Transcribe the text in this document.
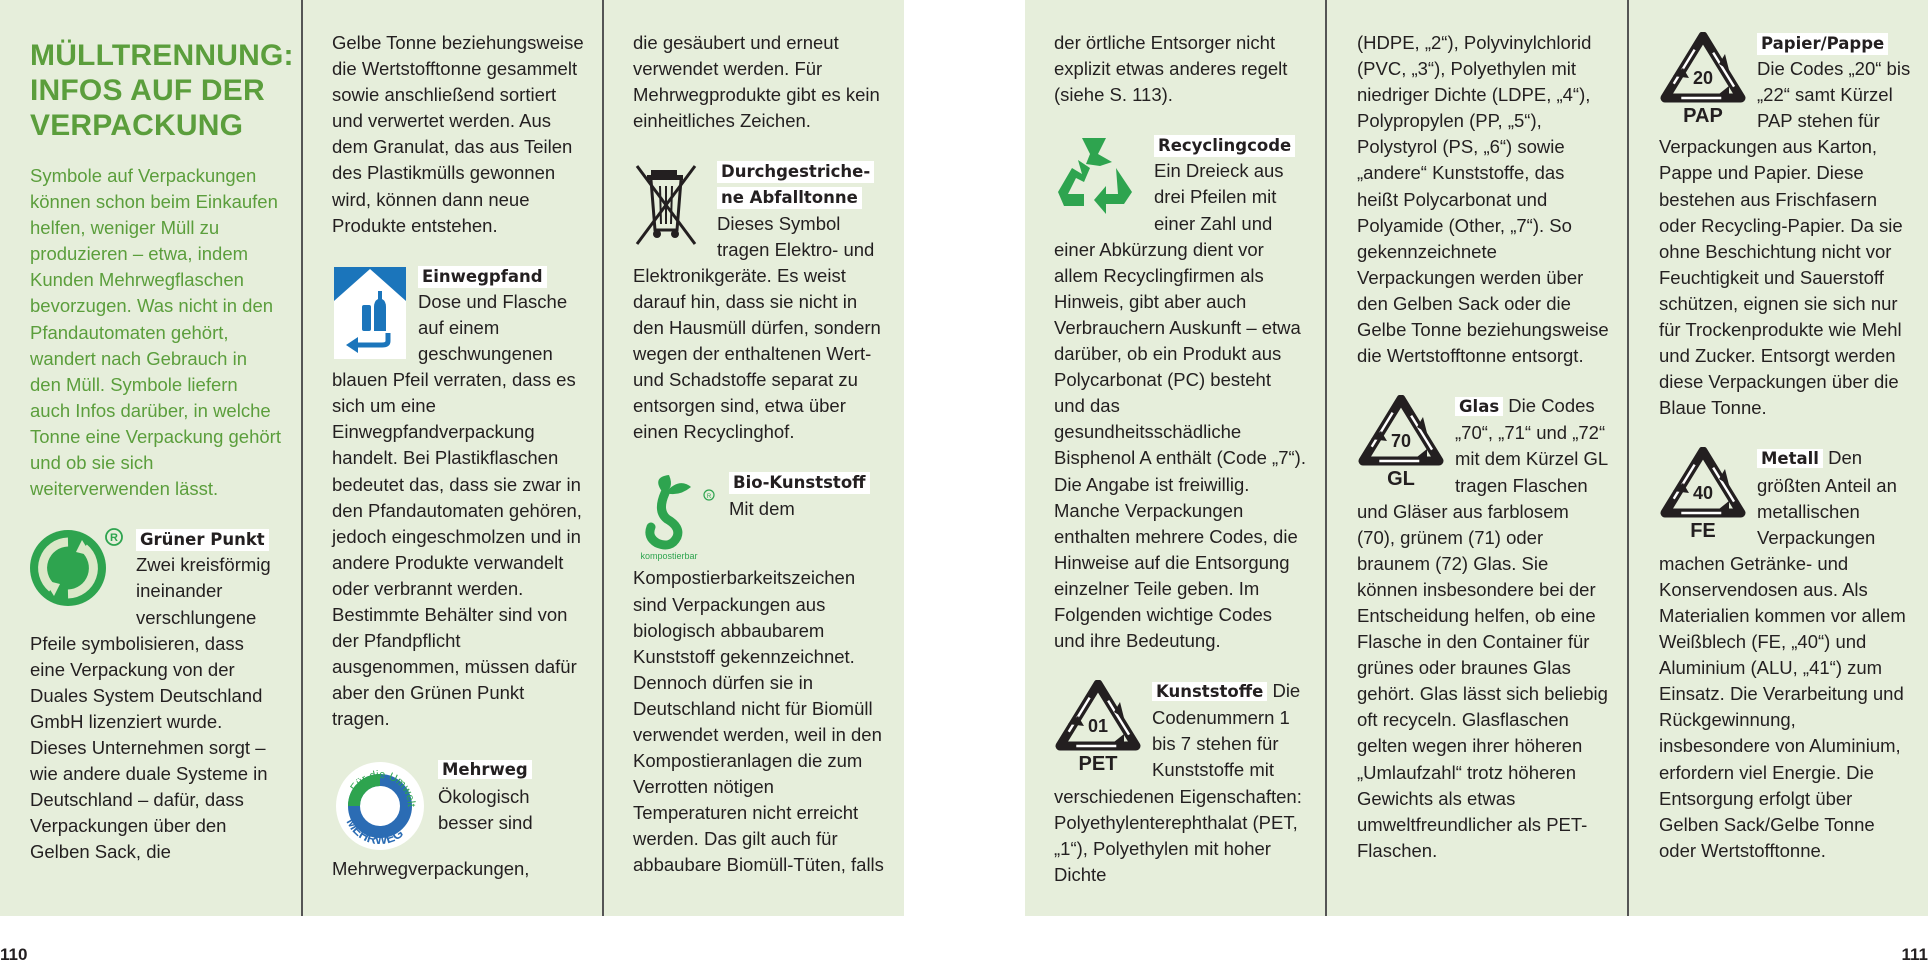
MÜLLTRENNUNG: INFOS AUF DER VERPACKUNG

Symbole auf Verpackungen können schon beim Einkaufen helfen, weniger Müll zu produzieren – etwa, indem Kunden Mehrwegflaschen bevorzugen. Was nicht in den Pfandautomaten gehört, wandert nach Gebrauch in den Müll. Symbole liefern auch Infos darüber, in welche Tonne eine Verpackung gehört und ob sie sich weiterverwenden lässt.

R Grüner Punkt Zwei kreisförmig ineinander verschlungene Pfeile symbolisieren, dass eine Verpackung von der Duales System Deutschland GmbH lizenziert wurde. Dieses Unternehmen sorgt – wie andere duale Systeme in Deutschland – dafür, dass Verpackungen über den Gelben Sack, die

Gelbe Tonne beziehungsweise die Wertstofftonne gesammelt sowie anschließend sortiert und verwertet werden. Aus dem Granulat, das aus Teilen des Plastikmülls gewonnen wird, können dann neue Produkte entstehen.

Einwegpfand Dose und Flasche auf einem geschwungenen blauen Pfeil verraten, dass es sich um eine Einwegpfandverpackung handelt. Bei Plastikflaschen bedeutet das, dass sie zwar in den Pfandautomaten gehören, jedoch eingeschmolzen und in andere Produkte verwandelt oder verbrannt werden. Bestimmte Behälter sind von der Pfandpflicht ausgenommen, müssen dafür aber den Grünen Punkt tragen.
Für die Umwelt
MEHRWEG
Mehrweg Ökologisch besser sind Mehrwegverpackungen,

die gesäubert und erneut verwendet werden. Für Mehrwegprodukte gibt es kein einheitliches Zeichen.

Durchgestriche- ne Abfalltonne Dieses Symbol tragen Elektro- und Elektronikgeräte. Es weist darauf hin, dass sie nicht in den Hausmüll dürfen, sondern wegen der enthaltenen Wert- und Schadstoffe separat zu entsorgen sind, etwa über einen Recyclinghof.
R
kompostierbar
Bio-Kunststoff Mit dem Kompostierbarkeitszeichen sind Verpackungen aus biologisch abbaubarem Kunststoff gekennzeichnet. Dennoch dürfen sie in Deutschland nicht für Biomüll verwendet werden, weil in den Kompostieranlagen die zum Verrotten nötigen Temperaturen nicht erreicht werden. Das gilt auch für abbaubare Biomüll-Tüten, falls

der örtliche Entsorger nicht explizit etwas anderes regelt (siehe S. 113).

Recyclingcode Ein Dreieck aus drei Pfeilen mit einer Zahl und einer Abkürzung dient vor allem Recyclingfirmen als Hinweis, gibt aber auch Verbrauchern Auskunft – etwa darüber, ob ein Produkt aus Polycarbonat (PC) besteht und das gesundheitsschädliche Bisphenol A enthält (Code „7“). Die Angabe ist freiwillig. Manche Verpackungen enthalten mehrere Codes, die Hinweise auf die Entsorgung einzelner Teile geben. Im Folgenden wichtige Codes und ihre Bedeutung.
01
PET
Kunststoffe Die Codenummern 1 bis 7 stehen für Kunststoffe mit verschiedenen Eigenschaften: Polyethylenterephthalat (PET, „1“), Polyethylen mit hoher Dichte

(HDPE, „2“), Polyvinylchlorid (PVC, „3“), Polyethylen mit niedriger Dichte (LDPE, „4“), Polypropylen (PP, „5“), Polystyrol (PS, „6“) sowie „andere“ Kunststoffe, das heißt Polycarbonat und Polyamide (Other, „7“). So gekennzeichnete Verpackungen werden über den Gelben Sack oder die Gelbe Tonne beziehungsweise die Wertstofftonne entsorgt.

70
GL
Glas Die Codes „70“, „71“ und „72“ mit dem Kürzel GL tragen Flaschen und Gläser aus farblosem (70), grünem (71) oder braunem (72) Glas. Sie können insbesondere bei der Entscheidung helfen, ob eine Flasche in den Container für grünes oder braunes Glas gehört. Glas lässt sich beliebig oft recyceln. Glasflaschen gelten wegen ihrer höheren „Umlaufzahl“ trotz höheren Gewichts als etwas umweltfreundlicher als PET-Flaschen.
20
PAP
Papier/Pappe Die Codes „20“ bis „22“ samt Kürzel PAP stehen für Verpackungen aus Karton, Pappe und Papier. Diese bestehen aus Frischfasern oder Recycling-Papier. Da sie ohne Beschichtung nicht vor Feuchtigkeit und Sauerstoff schützen, eignen sie sich nur für Trockenprodukte wie Mehl und Zucker. Entsorgt werden diese Verpackungen über die Blaue Tonne.
40
FE
Metall Den größten Anteil an metallischen Verpackungen machen Getränke- und Konservendosen aus. Als Materialien kommen vor allem Weißblech (FE, „40“) und Aluminium (ALU, „41“) zum Einsatz. Die Verarbeitung und Rückgewinnung, insbesondere von Aluminium, erfordern viel Energie. Die Entsorgung erfolgt über Gelben Sack/Gelbe Tonne oder Wertstofftonne.
110	111
